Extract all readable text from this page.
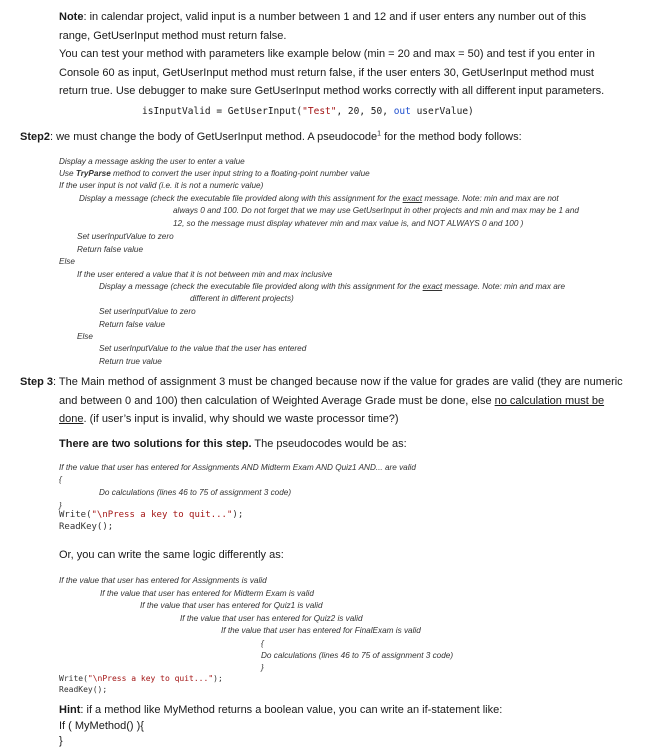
Note: in calendar project, valid input is a number between 1 and 12 and if user enters any number out of this
range, GetUserInput method must return false.
You can test your method with parameters like example below (min = 20 and max = 50) and test if you enter in
Console 60 as input, GetUserInput method must return false, if the user enters 30, GetUserInput method must
return true. Use debugger to make sure GetUserInput method works correctly with all different input parameters.
isInputValid = GetUserInput("Test", 20, 50, out userValue)
Step2: we must change the body of GetUserInput method. A pseudocode$^1$ for the method body follows:
Display a message asking the user to enter a value
Use TryParse method to convert the user input string to a floating-point number value
If the user input is not valid (i.e. it is not a numeric value)
Display a message (check the executable file provided along with this assignment for the exact message. Note: min and max are not
always 0 and 100. Do not forget that we may use GetUserInput in other projects and min and max may be 1 and
12, so the message must display whatever min and max value is, and NOT ALWAYS 0 and 100 )
Set userInputValue to zero
Return false value
Else
If the user entered a value that it is not between min and max inclusive
Display a message (check the executable file provided along with this assignment for the exact message. Note: min and max are
different in different projects)
Set userInputValue to zero
Return false value
Else
Set userInputValue to the value that the user has entered
Return true value
Step 3: The Main method of assignment 3 must be changed because now if the value for grades are valid (they are numeric
and between 0 and 100) then calculation of Weighted Average Grade must be done, else no calculation must be
done. (if user’s input is invalid, why should we waste processor time?)
There are two solutions for this step. The pseudocodes would be as:
If the value that user has entered for Assignments AND Midterm Exam AND Quiz1 AND... are valid
{
Do calculations (lines 46 to 75 of assignment 3 code)
}
Write("\nPress a key to quit...");
ReadKey();
Or, you can write the same logic differently as:
If the value that user has entered for Assignments is valid
If the value that user has entered for Midterm Exam is valid
If the value that user has entered for Quiz1 is valid
If the value that user has entered for Quiz2 is valid
If the value that user has entered for FinalExam is valid
{
Do calculations (lines 46 to 75 of assignment 3 code)
}
Write("\nPress a key to quit...");
ReadKey();
Hint: if a method like MyMethod returns a boolean value, you can write an if-statement like:
If ( MyMethod() ){
}
